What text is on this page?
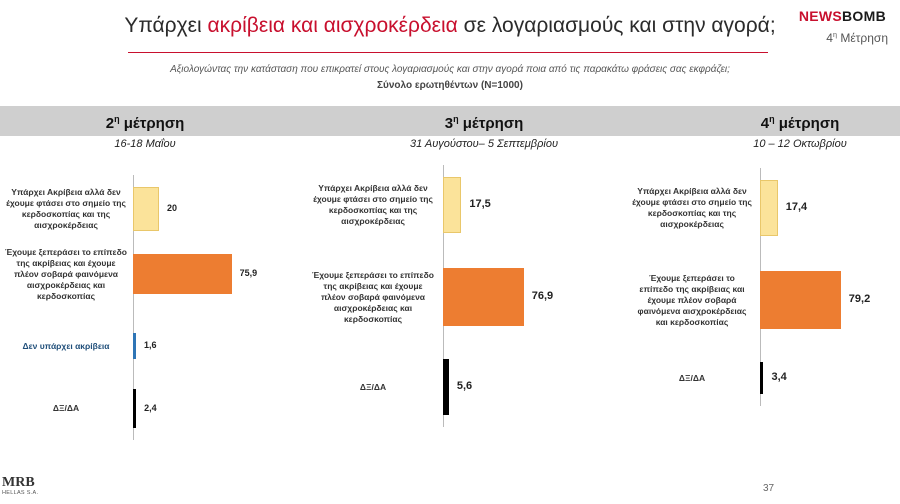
Υπάρχει ακρίβεια και αισχροκέρδεια σε λογαριασμούς και στην αγορά;	NEWSBOMB
$4^\eta$ Μέτρηση
Αξιολογώντας την κατάσταση που επικρατεί στους λογαριασμούς και στην αγορά ποια από τις παρακάτω φράσεις σας εκφράζει;
Σύνολο ερωτηθέντων (Ν=1000)
$2^\eta$ μέτρηση
16-18 Μαΐου
Υπάρχει Ακρίβεια αλλά δεν έχουμε φτάσει στο σημείο της κερδοσκοπίας και της αισχροκέρδειας
20
Έχουμε ξεπεράσει το επίπεδο της ακρίβειας και έχουμε πλέον σοβαρά φαινόμενα αισχροκέρδειας και κερδοσκοπίας
75,9
Δεν υπάρχει ακρίβεια	1,6
ΔΞ/ΔΑ	2,4
$3^\eta$ μέτρηση
31 Αυγούστου– 5 Σεπτεμβρίου
Υπάρχει Ακρίβεια αλλά δεν έχουμε φτάσει στο σημείο της κερδοσκοπίας και της αισχροκέρδειας
17,5
Έχουμε ξεπεράσει το επίπεδο της ακρίβειας και έχουμε πλέον σοβαρά φαινόμενα αισχροκέρδειας και κερδοσκοπίας
76,9
ΔΞ/ΔΑ	5,6
$4^\eta$ μέτρηση
10 – 12 Οκτωβρίου
Υπάρχει Ακρίβεια αλλά δεν έχουμε φτάσει στο σημείο της κερδοσκοπίας και της αισχροκέρδειας
17,4
Έχουμε ξεπεράσει το επίπεδο της ακρίβειας και έχουμε πλέον σοβαρά φαινόμενα αισχροκέρδειας και κερδοσκοπίας
79,2
ΔΞ/ΔΑ	3,4
MRB
HELLAS S.A.	37
